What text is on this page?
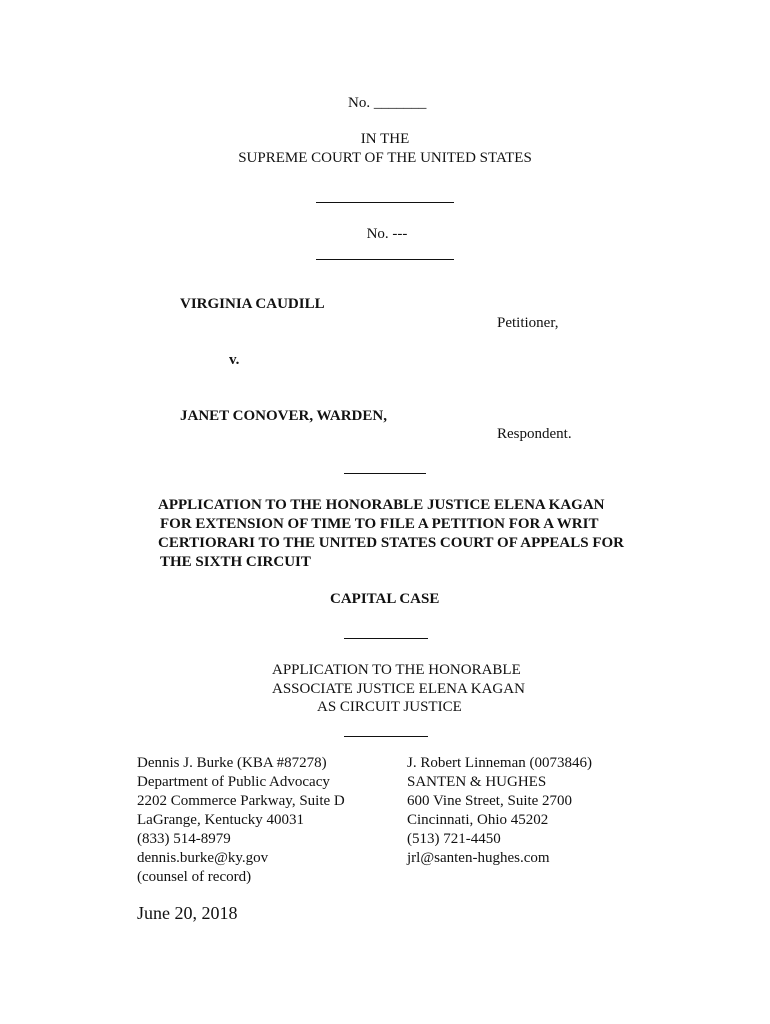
No. _______
IN THE
SUPREME COURT OF THE UNITED STATES
No. ---
VIRGINIA CAUDILL
Petitioner,
v.
JANET CONOVER, WARDEN,
Respondent.
APPLICATION TO THE HONORABLE JUSTICE ELENA KAGAN
FOR EXTENSION OF TIME TO FILE A PETITION FOR A WRIT
CERTIORARI TO THE UNITED STATES COURT OF APPEALS FOR
THE SIXTH CIRCUIT
CAPITAL CASE
APPLICATION TO THE HONORABLE
ASSOCIATE JUSTICE ELENA KAGAN
AS CIRCUIT JUSTICE
Dennis J. Burke (KBA #87278)
Department of Public Advocacy
2202 Commerce Parkway, Suite D
LaGrange, Kentucky 40031
(833) 514-8979
dennis.burke@ky.gov
(counsel of record)
J. Robert Linneman (0073846)
SANTEN & HUGHES
600 Vine Street, Suite 2700
Cincinnati, Ohio 45202
(513) 721-4450
jrl@santen-hughes.com
June 20, 2018
